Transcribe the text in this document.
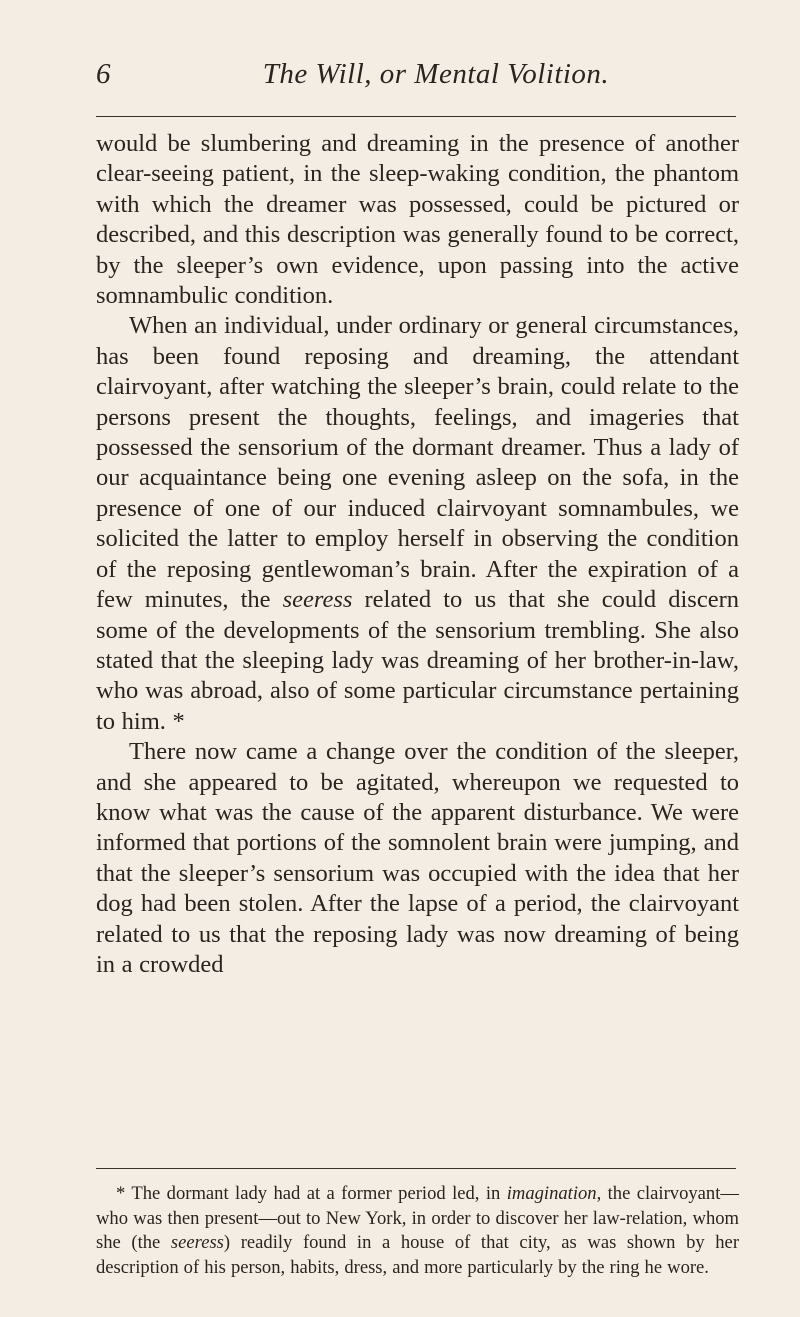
6	The Will, or Mental Volition.

would be slumbering and dreaming in the presence of another clear-seeing patient, in the sleep-waking condition, the phantom with which the dreamer was possessed, could be pictured or described, and this description was generally found to be correct, by the sleeper’s own evidence, upon passing into the active somnambulic condition.

When an individual, under ordinary or general circumstances, has been found reposing and dreaming, the attendant clairvoyant, after watching the sleeper’s brain, could relate to the persons present the thoughts, feelings, and imageries that possessed the sensorium of the dormant dreamer. Thus a lady of our acquaintance being one evening asleep on the sofa, in the presence of one of our induced clairvoyant somnambules, we solicited the latter to employ herself in observing the condition of the reposing gentlewoman’s brain. After the expiration of a few minutes, the seeress related to us that she could discern some of the developments of the sensorium trembling. She also stated that the sleeping lady was dreaming of her brother-in-law, who was abroad, also of some particular circumstance pertaining to him. *

There now came a change over the condition of the sleeper, and she appeared to be agitated, whereupon we requested to know what was the cause of the apparent disturbance. We were informed that portions of the somnolent brain were jumping, and that the sleeper’s sensorium was occupied with the idea that her dog had been stolen. After the lapse of a period, the clairvoyant related to us that the reposing lady was now dreaming of being in a crowded

* The dormant lady had at a former period led, in imagination, the clairvoyant—who was then present—out to New York, in order to discover her law-relation, whom she (the seeress) readily found in a house of that city, as was shown by her description of his person, habits, dress, and more particularly by the ring he wore.
